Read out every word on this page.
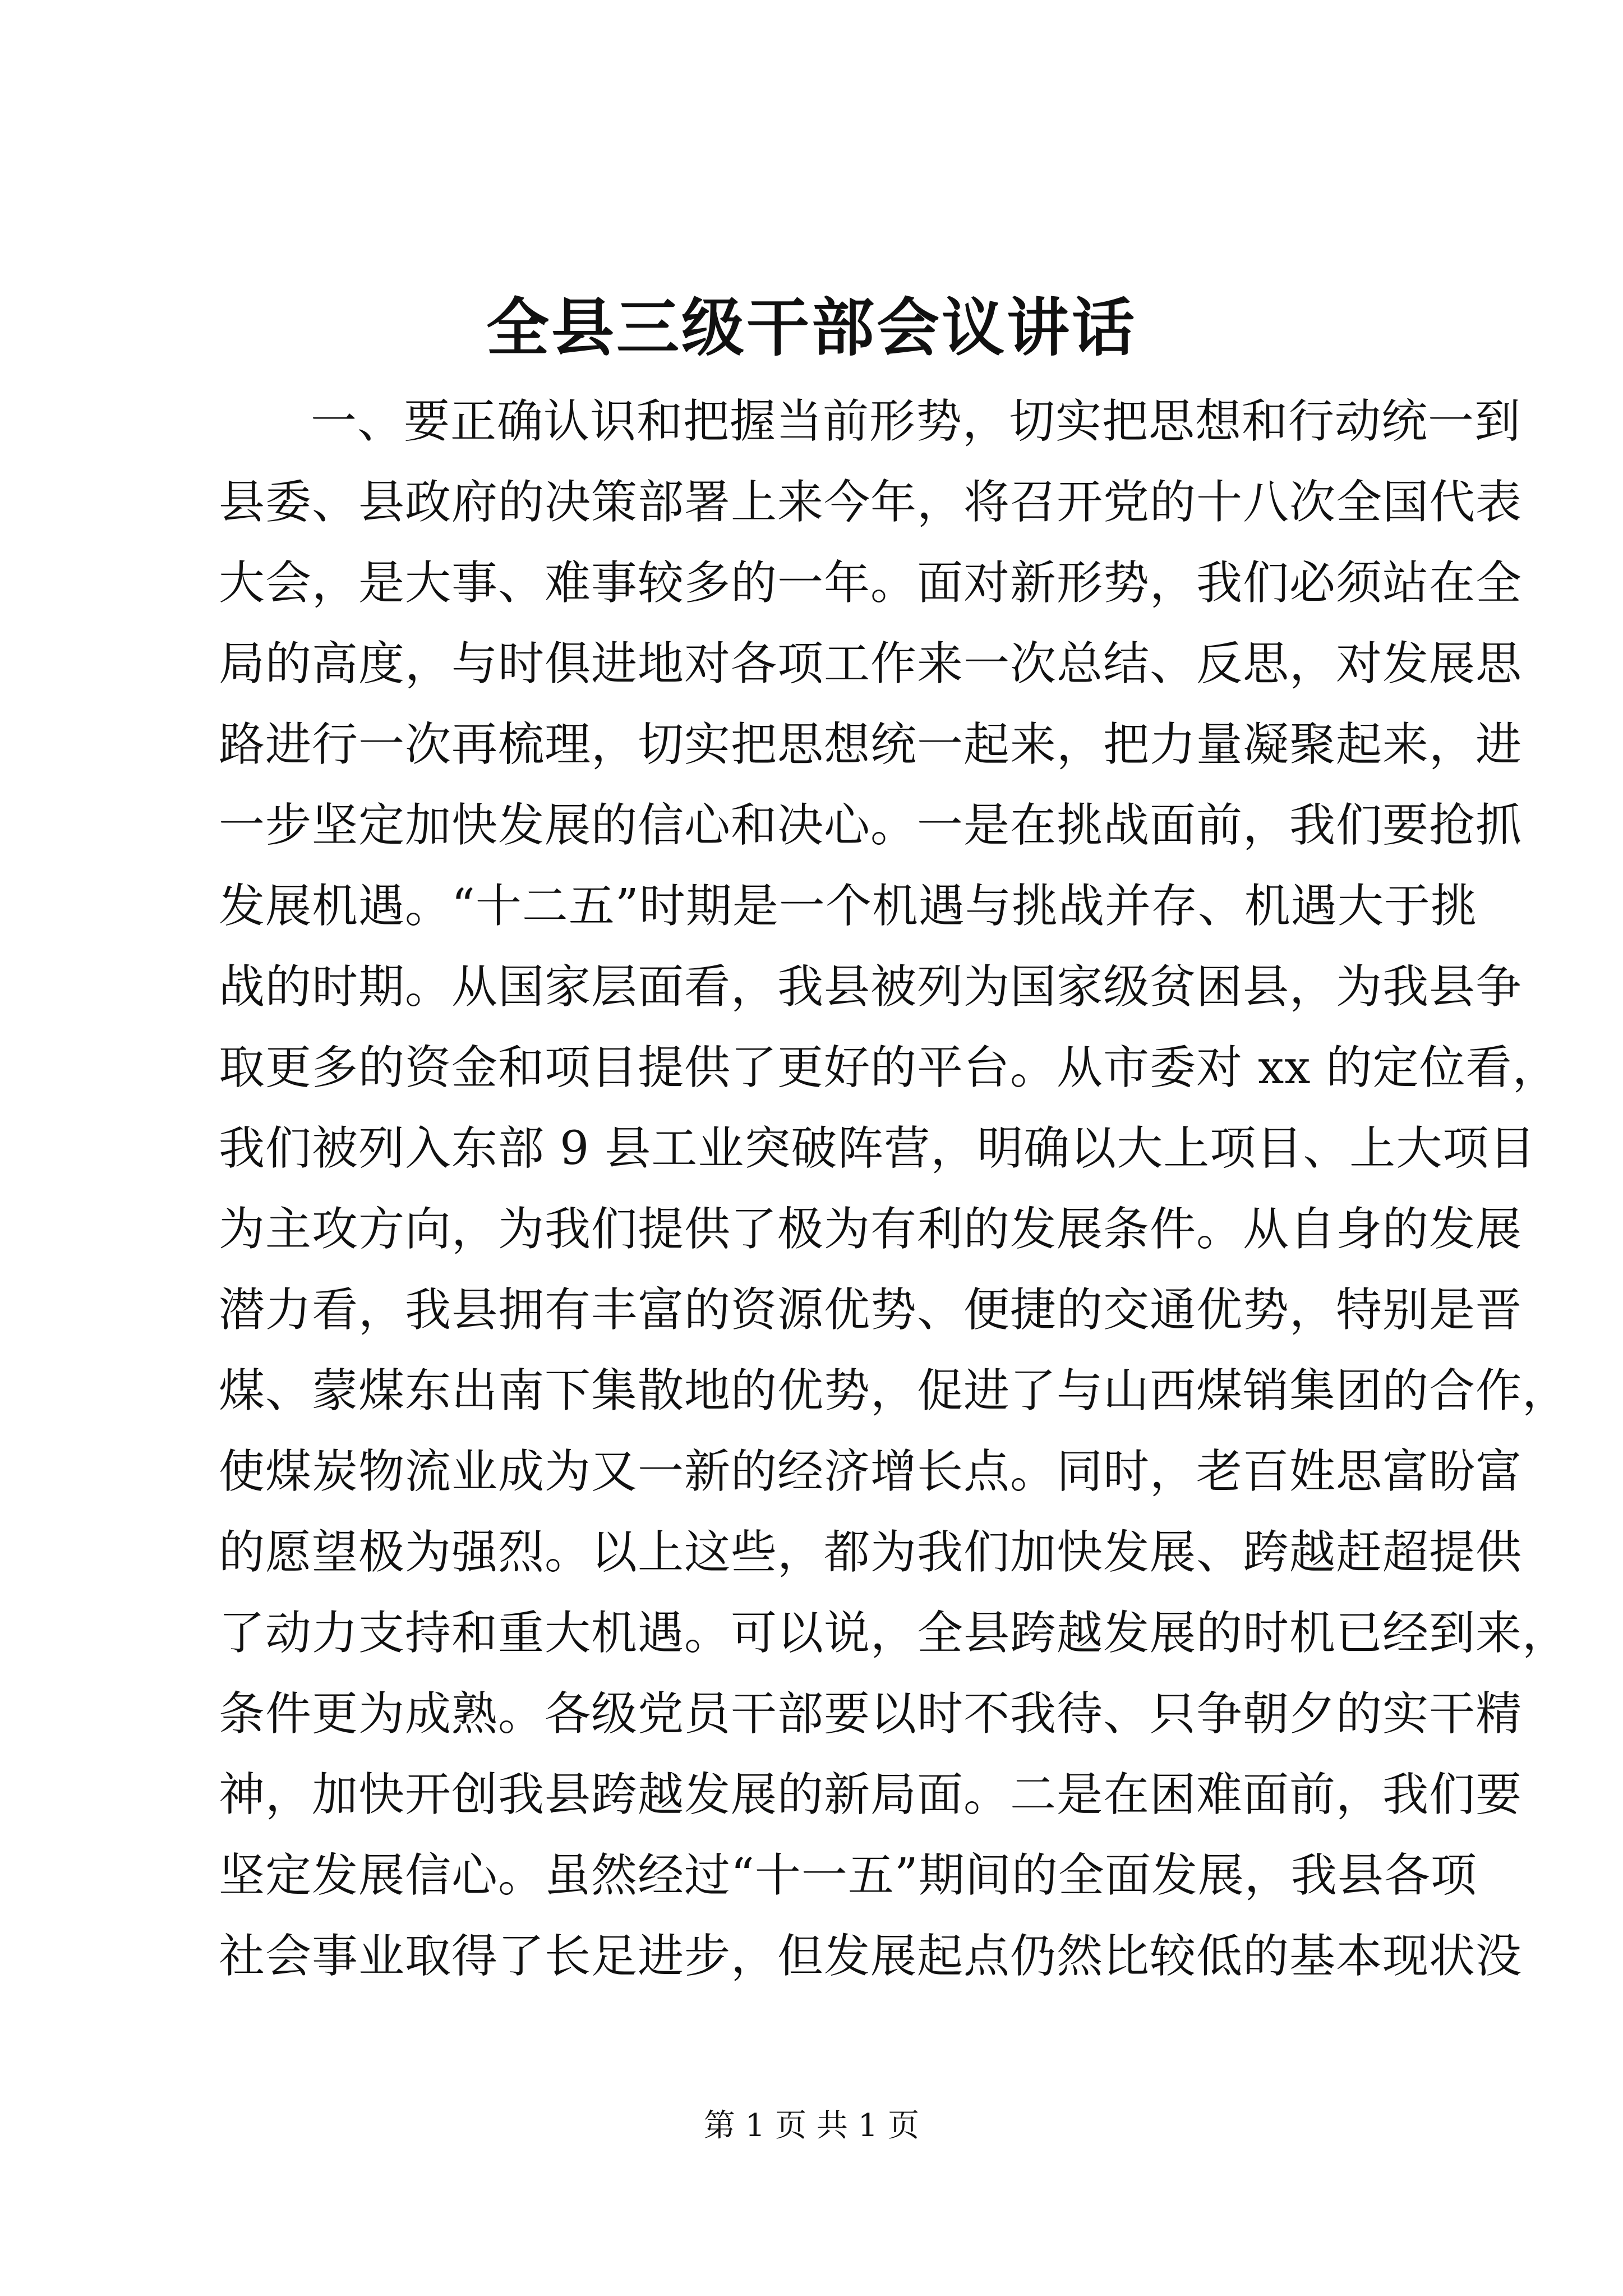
全县三级干部会议讲话
一、要正确认识和把握当前形势，切实把思想和行动统一到
县委、县政府的决策部署上来今年，将召开党的十八次全国代表
大会，是大事、难事较多的一年。面对新形势，我们必须站在全
局的高度，与时俱进地对各项工作来一次总结、反思，对发展思
路进行一次再梳理，切实把思想统一起来，把力量凝聚起来，进
一步坚定加快发展的信心和决心。一是在挑战面前，我们要抢抓
发展机遇。“十二五”时期是一个机遇与挑战并存、机遇大于挑
战的时期。从国家层面看，我县被列为国家级贫困县，为我县争
取更多的资金和项目提供了更好的平台。从市委对 xx 的定位看，
我们被列入东部 9 县工业突破阵营，明确以大上项目、上大项目
为主攻方向，为我们提供了极为有利的发展条件。从自身的发展
潜力看，我县拥有丰富的资源优势、便捷的交通优势，特别是晋
煤、蒙煤东出南下集散地的优势，促进了与山西煤销集团的合作，
使煤炭物流业成为又一新的经济增长点。同时，老百姓思富盼富
的愿望极为强烈。以上这些，都为我们加快发展、跨越赶超提供
了动力支持和重大机遇。可以说，全县跨越发展的时机已经到来，
条件更为成熟。各级党员干部要以时不我待、只争朝夕的实干精
神，加快开创我县跨越发展的新局面。二是在困难面前，我们要
坚定发展信心。虽然经过“十一五”期间的全面发展，我县各项
社会事业取得了长足进步，但发展起点仍然比较低的基本现状没
第 1 页 共 1 页
